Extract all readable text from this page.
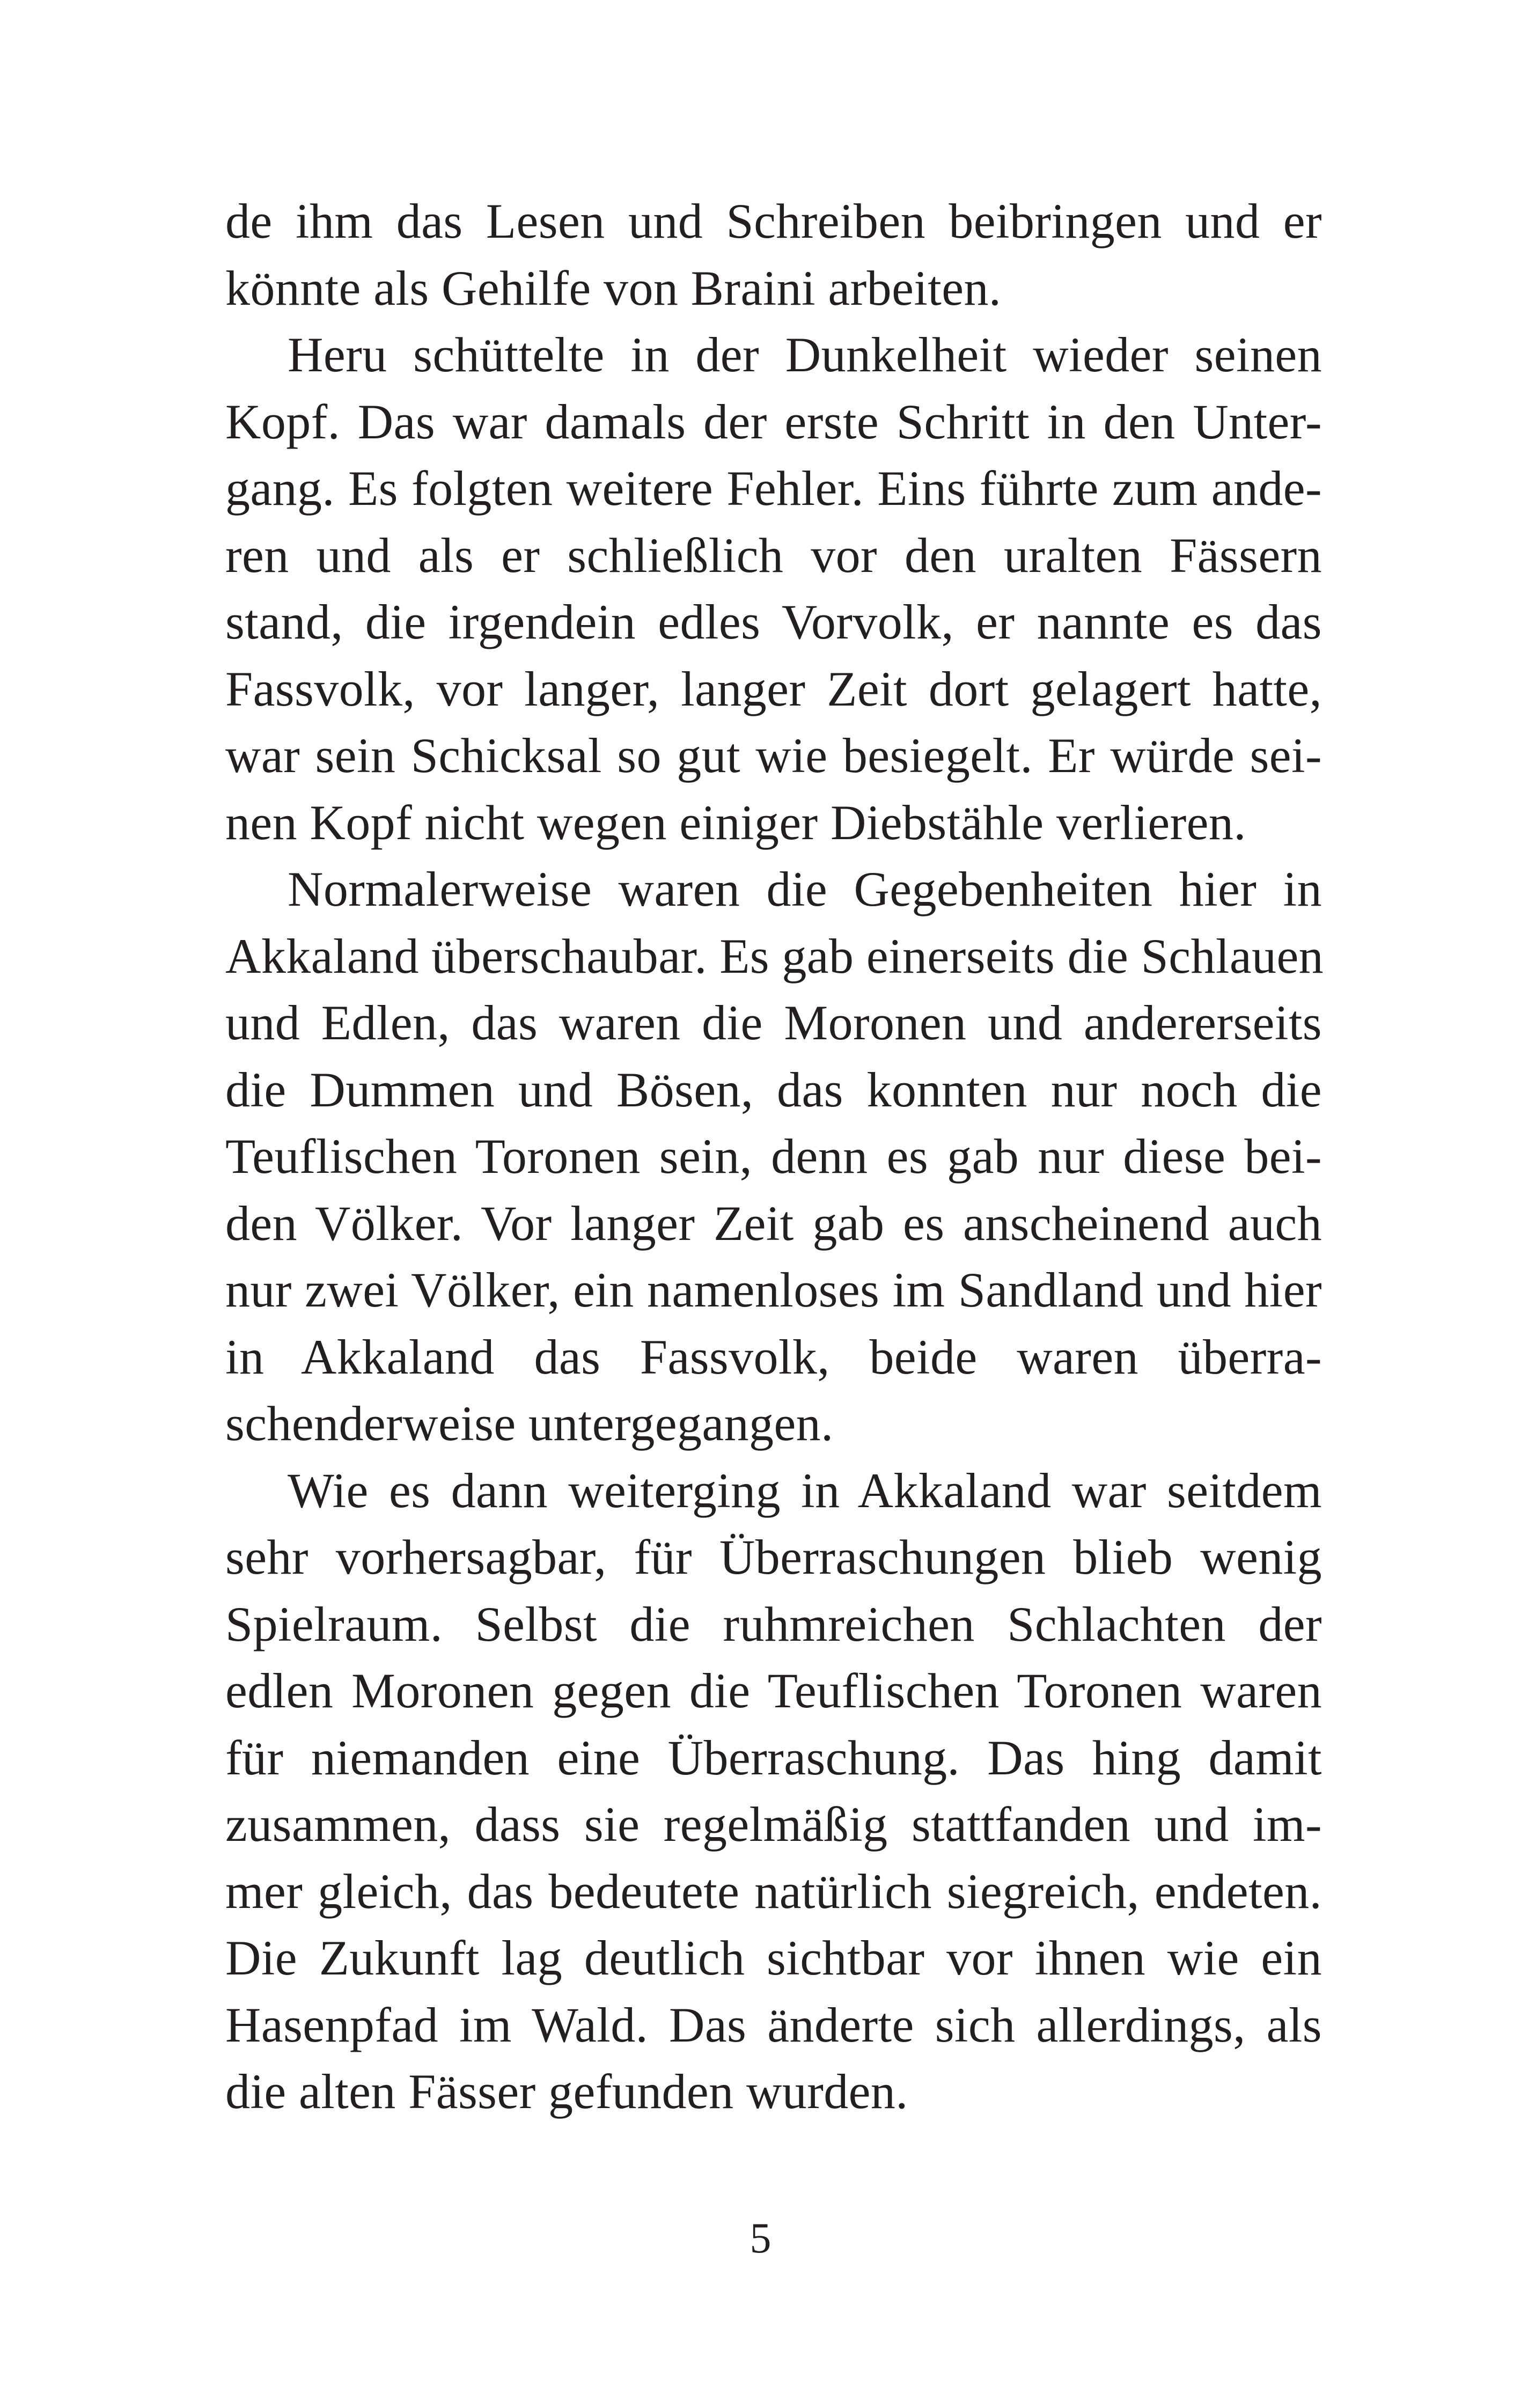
de ihm das Lesen und Schreiben beibringen und er
könnte als Gehilfe von Braini arbeiten.
Heru schüttelte in der Dunkelheit wieder seinen
Kopf. Das war damals der erste Schritt in den Unter-
gang. Es folgten weitere Fehler. Eins führte zum ande-
ren und als er schließlich vor den uralten Fässern
stand, die irgendein edles Vorvolk, er nannte es das
Fassvolk, vor langer, langer Zeit dort gelagert hatte,
war sein Schicksal so gut wie besiegelt. Er würde sei-
nen Kopf nicht wegen einiger Diebstähle verlieren.
Normalerweise waren die Gegebenheiten hier in
Akkaland überschaubar. Es gab einerseits die Schlauen
und Edlen, das waren die Moronen und andererseits
die Dummen und Bösen, das konnten nur noch die
Teuflischen Toronen sein, denn es gab nur diese bei-
den Völker. Vor langer Zeit gab es anscheinend auch
nur zwei Völker, ein namenloses im Sandland und hier
in Akkaland das Fassvolk, beide waren überra-
schenderweise untergegangen.
Wie es dann weiterging in Akkaland war seitdem
sehr vorhersagbar, für Überraschungen blieb wenig
Spielraum. Selbst die ruhmreichen Schlachten der
edlen Moronen gegen die Teuflischen Toronen waren
für niemanden eine Überraschung. Das hing damit
zusammen, dass sie regelmäßig stattfanden und im-
mer gleich, das bedeutete natürlich siegreich, endeten.
Die Zukunft lag deutlich sichtbar vor ihnen wie ein
Hasenpfad im Wald. Das änderte sich allerdings, als
die alten Fässer gefunden wurden.
5
